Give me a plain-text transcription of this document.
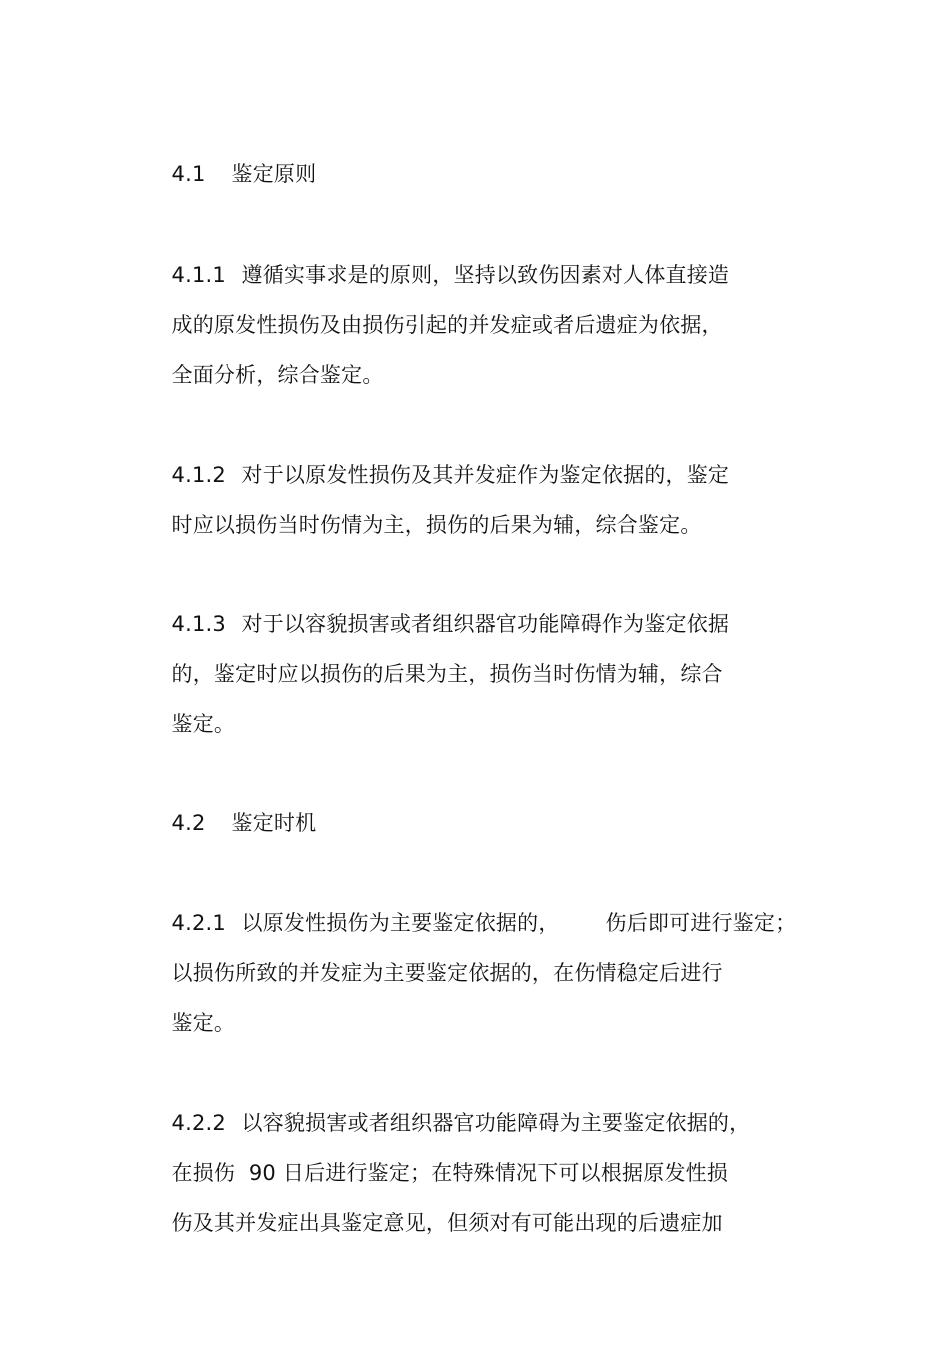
4.1 鉴定原则

4.1.1 遵循实事求是的原则，坚持以致伤因素对人体直接造

成的原发性损伤及由损伤引起的并发症或者后遗症为依据，

全面分析，综合鉴定。

4.1.2 对于以原发性损伤及其并发症作为鉴定依据的，鉴定

时应以损伤当时伤情为主，损伤的后果为辅，综合鉴定。

4.1.3 对于以容貌损害或者组织器官功能障碍作为鉴定依据

的，鉴定时应以损伤的后果为主，损伤当时伤情为辅，综合

鉴定。

4.2 鉴定时机

4.2.1 以原发性损伤为主要鉴定依据的， 伤后即可进行鉴定；

以损伤所致的并发症为主要鉴定依据的，在伤情稳定后进行

鉴定。

4.2.2 以容貌损害或者组织器官功能障碍为主要鉴定依据的，

在损伤  90 日后进行鉴定；在特殊情况下可以根据原发性损

伤及其并发症出具鉴定意见，但须对有可能出现的后遗症加
